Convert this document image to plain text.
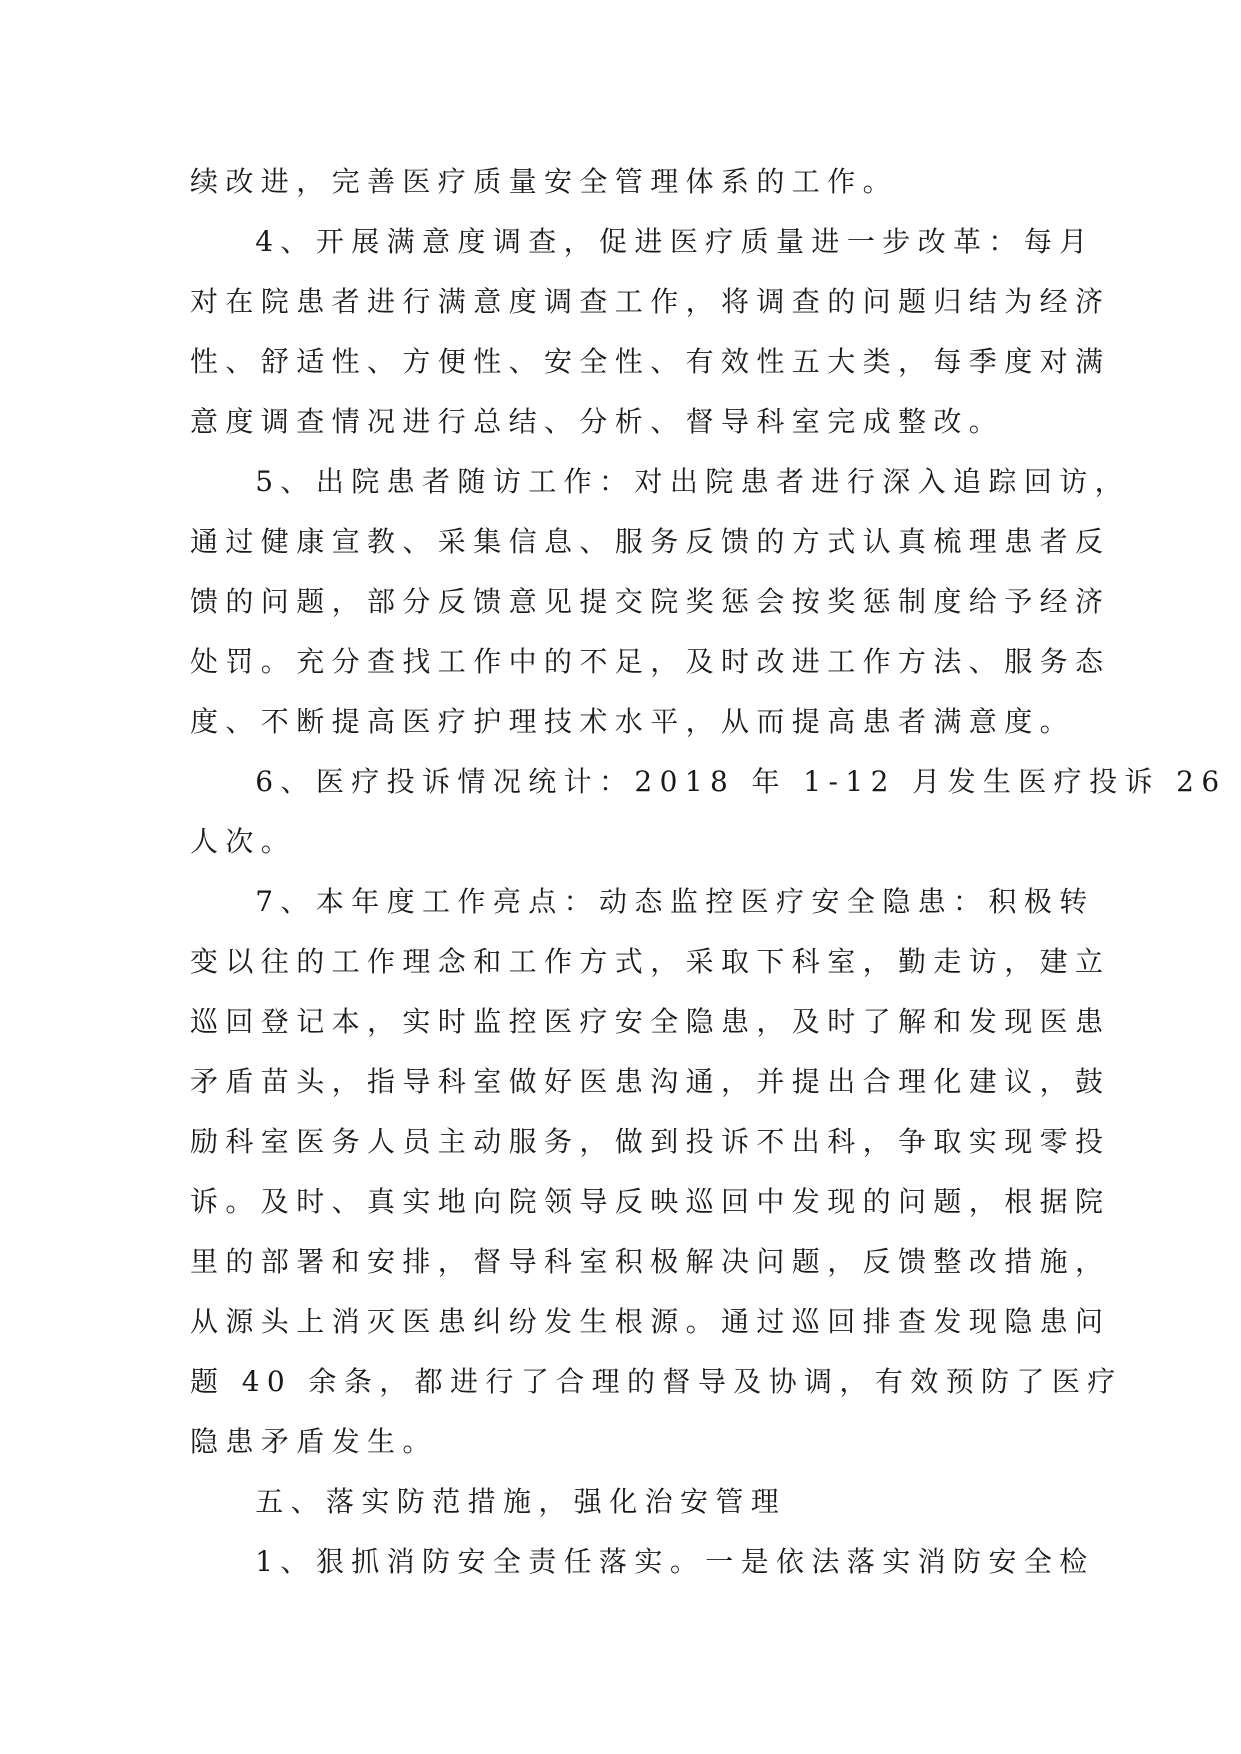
续改进，完善医疗质量安全管理体系的工作。
4、开展满意度调查，促进医疗质量进一步改革：每月
对在院患者进行满意度调查工作，将调查的问题归结为经济
性、舒适性、方便性、安全性、有效性五大类，每季度对满
意度调查情况进行总结、分析、督导科室完成整改。
5、出院患者随访工作：对出院患者进行深入追踪回访，
通过健康宣教、采集信息、服务反馈的方式认真梳理患者反
馈的问题，部分反馈意见提交院奖惩会按奖惩制度给予经济
处罚。充分查找工作中的不足，及时改进工作方法、服务态
度、不断提高医疗护理技术水平，从而提高患者满意度。
6、医疗投诉情况统计：2018 年 1-12 月发生医疗投诉 26
人次。
7、本年度工作亮点：动态监控医疗安全隐患：积极转
变以往的工作理念和工作方式，采取下科室，勤走访，建立
巡回登记本，实时监控医疗安全隐患，及时了解和发现医患
矛盾苗头，指导科室做好医患沟通，并提出合理化建议，鼓
励科室医务人员主动服务，做到投诉不出科，争取实现零投
诉。及时、真实地向院领导反映巡回中发现的问题，根据院
里的部署和安排，督导科室积极解决问题，反馈整改措施，
从源头上消灭医患纠纷发生根源。通过巡回排查发现隐患问
题 40 余条，都进行了合理的督导及协调，有效预防了医疗
隐患矛盾发生。
五、落实防范措施，强化治安管理
1、狠抓消防安全责任落实。一是依法落实消防安全检
